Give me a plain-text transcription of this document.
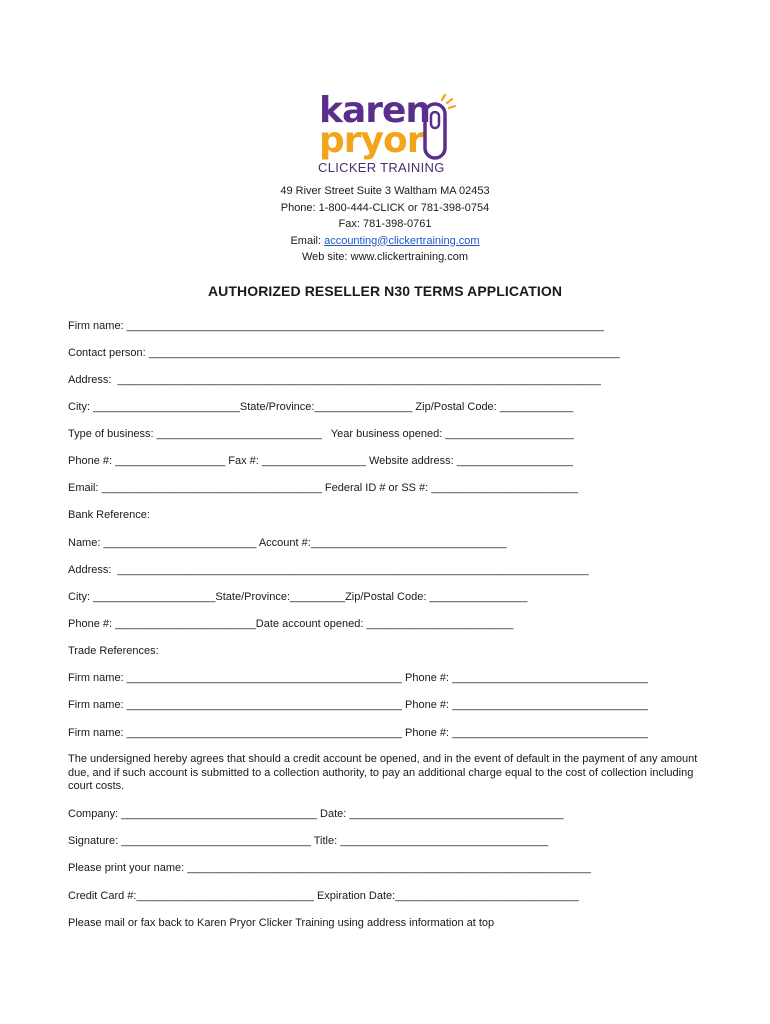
karen
pryor
CLICKER TRAINING
49 River Street Suite 3 Waltham MA 02453
Phone: 1-800-444-CLICK or 781-398-0754
Fax: 781-398-0761
Email: accounting@clickertraining.com
Web site: www.clickertraining.com
AUTHORIZED RESELLER N30 TERMS APPLICATION
Firm name: ______________________________________________________________________________
Contact person: _____________________________________________________________________________
Address:  _______________________________________________________________________________
City: ________________________State/Province:________________ Zip/Postal Code: ____________
Type of business: ___________________________   Year business opened: _____________________
Phone #: __________________ Fax #: _________________ Website address: ___________________
Email: ____________________________________ Federal ID # or SS #: ________________________
Bank Reference:
Name: _________________________ Account #:________________________________
Address:  _____________________________________________________________________________
City: ____________________State/Province:_________Zip/Postal Code: ________________
Phone #: _______________________Date account opened: ________________________
Trade References:
Firm name: _____________________________________________ Phone #: ________________________________
Firm name: _____________________________________________ Phone #: ________________________________
Firm name: _____________________________________________ Phone #: ________________________________
The undersigned hereby agrees that should a credit account be opened, and in the event of default in the payment of any amount due, and if such account is submitted to a collection authority, to pay an additional charge equal to the cost of collection including court costs.
Company: ________________________________ Date: ___________________________________
Signature: _______________________________ Title: __________________________________
Please print your name: __________________________________________________________________
Credit Card #:_____________________________ Expiration Date:______________________________
Please mail or fax back to Karen Pryor Clicker Training using address information at top
